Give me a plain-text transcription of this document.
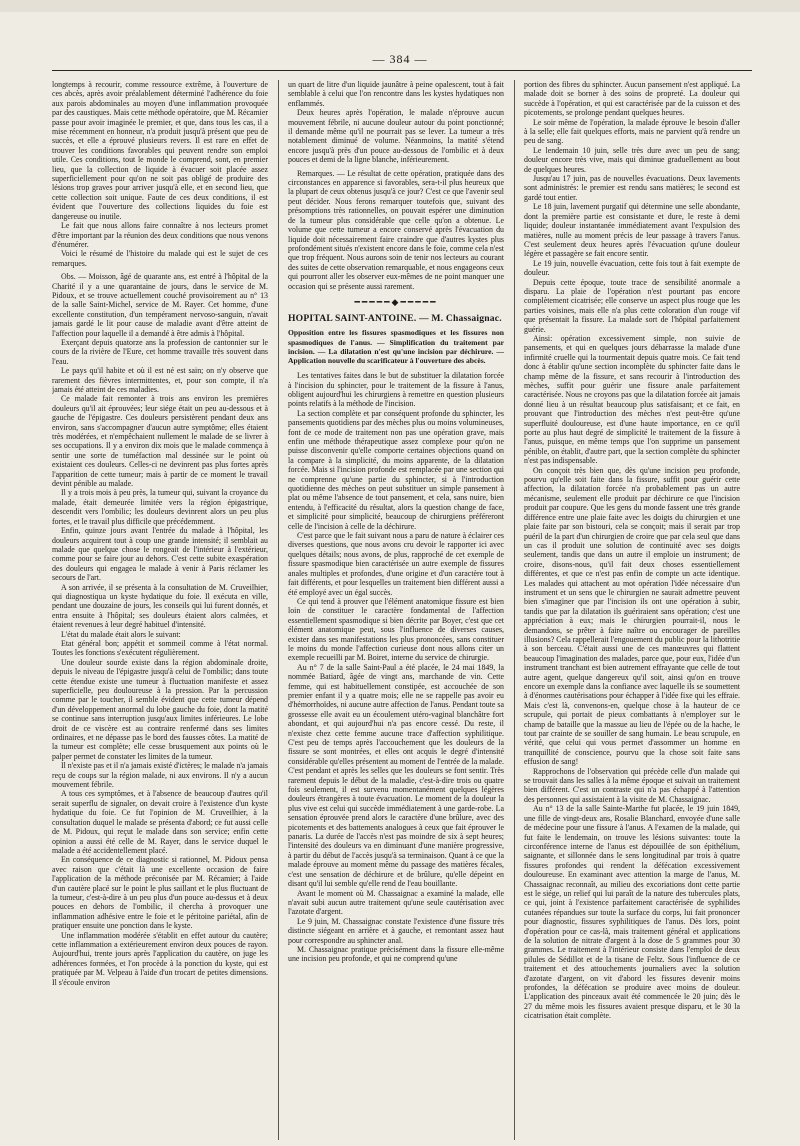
— 384 —

longtemps à recourir, comme ressource extrême, à l'ouverture de ces abcès, après avoir préalablement déterminé l'adhérence du foie aux parois abdominales au moyen d'une inflammation provoquée par des caustiques. Mais cette méthode opératoire, que M. Récamier passe pour avoir imaginée le premier, et que, dans tous les cas, il a mise récemment en honneur, n'a produit jusqu'à présent que peu de succès, et elle a éprouvé plusieurs revers. Il est rare en effet de trouver les conditions favorables qui peuvent rendre son emploi utile. Ces conditions, tout le monde le comprend, sont, en premier lieu, que la collection de liquide à évacuer soit placée assez superficiellement pour qu'on ne soit pas obligé de produire des lésions trop graves pour arriver jusqu'à elle, et en second lieu, que cette collection soit unique. Faute de ces deux conditions, il est évident que l'ouverture des collections liquides du foie est dangereuse ou inutile.

Le fait que nous allons faire connaître à nos lecteurs promet d'être important par la réunion des deux conditions que nous venons d'énumérer.

Voici le résumé de l'histoire du malade qui est le sujet de ces remarques.

Obs. — Moisson, âgé de quarante ans, est entré à l'hôpital de la Charité il y a une quarantaine de jours, dans le service de M. Pidoux, et se trouve actuellement couché provisoirement au n° 13 de la salle Saint-Michel, service de M. Rayer. Cet homme, d'une excellente constitution, d'un tempérament nervoso-sanguin, n'avait jamais gardé le lit pour cause de maladie avant d'être atteint de l'affection pour laquelle il a demandé à être admis à l'hôpital.

Exerçant depuis quatorze ans la profession de cantonnier sur le cours de la rivière de l'Eure, cet homme travaille très souvent dans l'eau.

Le pays qu'il habite et où il est né est sain; on n'y observe que rarement des fièvres intermittentes, et, pour son compte, il n'a jamais été atteint de ces maladies.

Ce malade fait remonter à trois ans environ les premières douleurs qu'il ait éprouvées; leur siége était un peu au-dessous et à gauche de l'épigastre. Ces douleurs persistèrent pendant deux ans environ, sans s'accompagner d'aucun autre symptôme; elles étaient très modérées, et n'empêchaient nullement le malade de se livrer à ses occupations. Il y a environ dix mois que le malade commença à sentir une sorte de tuméfaction mal dessinée sur le point où existaient ces douleurs. Celles-ci ne devinrent pas plus fortes après l'apparition de cette tumeur; mais à partir de ce moment le travail devint pénible au malade.

Il y a trois mois à peu près, la tumeur qui, suivant la croyance du malade, était demeurée limitée vers la région épigastrique, descendit vers l'ombilic; les douleurs devinrent alors un peu plus fortes, et le travail plus difficile que précédemment.

Enfin, quinze jours avant l'entrée du malade à l'hôpital, les douleurs acquirent tout à coup une grande intensité; il semblait au malade que quelque chose le rongeait de l'intérieur à l'extérieur, comme pour se faire jour au dehors. C'est cette subite exaspération des douleurs qui engagea le malade à venir à Paris réclamer les secours de l'art.

A son arrivée, il se présenta à la consultation de M. Cruveilhier, qui diagnostiqua un kyste hydatique du foie. Il exécuta en ville, pendant une douzaine de jours, les conseils qui lui furent donnés, et entra ensuite à l'hôpital; ses douleurs étaient alors calmées, et étaient revenues à leur degré habituel d'intensité.

L'état du malade était alors le suivant:

Etat général bon; appétit et sommeil comme à l'état normal. Toutes les fonctions s'exécutent régulièrement.

Une douleur sourde existe dans la région abdominale droite, depuis le niveau de l'épigastre jusqu'à celui de l'ombilic; dans toute cette étendue existe une tumeur à fluctuation manifeste et assez superficielle, peu douloureuse à la pression. Par la percussion comme par le toucher, il semble évident que cette tumeur dépend d'un développement anormal du lobe gauche du foie, dont la matité se continue sans interruption jusqu'aux limites inférieures. Le lobe droit de ce viscère est au contraire renfermé dans ses limites ordinaires, et ne dépasse pas le bord des fausses côtes. La matité de la tumeur est complète; elle cesse brusquement aux points où le palper permet de constater les limites de la tumeur.

Il n'existe pas et il n'a jamais existé d'ictères; le malade n'a jamais reçu de coups sur la région malade, ni aux environs. Il n'y a aucun mouvement fébrile.

A tous ces symptômes, et à l'absence de beaucoup d'autres qu'il serait superflu de signaler, on devait croire à l'existence d'un kyste hydatique du foie. Ce fut l'opinion de M. Cruveilhier, à la consultation duquel le malade se présenta d'abord; ce fut aussi celle de M. Pidoux, qui reçut le malade dans son service; enfin cette opinion a aussi été celle de M. Rayer, dans le service duquel le malade a été accidentellement placé.

En conséquence de ce diagnostic si rationnel, M. Pidoux pensa avec raison que c'était là une excellente occasion de faire l'application de la méthode préconisée par M. Récamier; à l'aide d'un cautère placé sur le point le plus saillant et le plus fluctuant de la tumeur, c'est-à-dire à un peu plus d'un pouce au-dessus et à deux pouces en dehors de l'ombilic, il chercha à provoquer une inflammation adhésive entre le foie et le péritoine pariétal, afin de pratiquer ensuite une ponction dans le kyste.

Une inflammation modérée s'établit en effet autour du cautère; cette inflammation a extérieurement environ deux pouces de rayon. Aujourd'hui, trente jours après l'application du cautère, on juge les adhérences formées, et l'on procède à la ponction du kyste, qui est pratiquée par M. Velpeau à l'aide d'un trocart de petites dimensions. Il s'écoule environ

un quart de litre d'un liquide jaunâtre à peine opalescent, tout à fait semblable à celui que l'on rencontre dans les kystes hydatiques non enflammés.

Deux heures après l'opération, le malade n'éprouve aucun mouvement fébrile, ni aucune douleur autour du point ponctionné; il demande même qu'il ne pourrait pas se lever. La tumeur a très notablement diminué de volume. Néanmoins, la matité s'étend encore jusqu'à près d'un pouce au-dessous de l'ombilic et à deux pouces et demi de la ligne blanche, inférieurement.

Remarques. — Le résultat de cette opération, pratiquée dans des circonstances en apparence si favorables, sera-t-il plus heureux que la plupart de ceux obtenus jusqu'à ce jour? C'est ce que l'avenir seul peut décider. Nous ferons remarquer toutefois que, suivant des présomptions très rationnelles, on pouvait espérer une diminution de la tumeur plus considérable que celle qu'on a obtenue. Le volume que cette tumeur a encore conservé après l'évacuation du liquide doit nécessairement faire craindre que d'autres kystes plus profondément situés n'existent encore dans le foie, comme cela n'est que trop fréquent. Nous aurons soin de tenir nos lecteurs au courant des suites de cette observation remarquable, et nous engageons ceux qui pourront aller les observer eux-mêmes de ne point manquer une occasion qui se présente aussi rarement.

━━━━━◆━━━━━
HOPITAL SAINT-ANTOINE. — M. Chassaignac.
Opposition entre les fissures spasmodiques et les fissures non spasmodiques de l'anus. — Simplification du traitement par incision. — La dilatation n'est qu'une incision par déchirure. — Application nouvelle du scarificateur à l'ouverture des abcès.

Les tentatives faites dans le but de substituer la dilatation forcée à l'incision du sphincter, pour le traitement de la fissure à l'anus, obligent aujourd'hui les chirurgiens à remettre en question plusieurs points relatifs à la méthode de l'incision.

La section complète et par conséquent profonde du sphincter, les pansements quotidiens par des mèches plus ou moins volumineuses, font de ce mode de traitement non pas une opération grave, mais enfin une méthode thérapeutique assez complexe pour qu'on ne puisse disconvenir qu'elle comporte certaines objections quand on la compare à la simplicité, du moins apparente, de la dilatation forcée. Mais si l'incision profonde est remplacée par une section qui ne comprenne qu'une partie du sphincter, si à l'introduction quotidienne des mèches on peut substituer un simple pansement à plat ou même l'absence de tout pansement, et cela, sans nuire, bien entendu, à l'efficacité du résultat, alors la question change de face, et simplicité pour simplicité, beaucoup de chirurgiens préféreront celle de l'incision à celle de la déchirure.

C'est parce que le fait suivant nous a paru de nature à éclairer ces diverses questions, que nous avons cru devoir le rapporter ici avec quelques détails; nous avons, de plus, rapproché de cet exemple de fissure spasmodique bien caractérisée un autre exemple de fissures anales multiples et profondes, d'une origine et d'un caractère tout à fait différents, et pour lesquelles un traitement bien différent aussi a été employé avec un égal succès.

Ce qui tend à prouver que l'élément anatomique fissure est bien loin de constituer le caractère fondamental de l'affection essentiellement spasmodique si bien décrite par Boyer, c'est que cet élément anatomique peut, sous l'influence de diverses causes, exister dans ses manifestations les plus prononcées, sans constituer le moins du monde l'affection curieuse dont nous allons citer un exemple recueilli par M. Boiret, interne du service de chirurgie.

Au n° 7 de la salle Saint-Paul a été placée, le 24 mai 1849, la nommée Batiard, âgée de vingt ans, marchande de vin. Cette femme, qui est habituellement constipée, est accouchée de son premier enfant il y a quatre mois; elle ne se rappelle pas avoir eu d'hémorrhoïdes, ni aucune autre affection de l'anus. Pendant toute sa grossesse elle avait eu un écoulement utéro-vaginal blanchâtre fort abondant, et qui aujourd'hui n'a pas encore cessé. Du reste, il n'existe chez cette femme aucune trace d'affection syphilitique. C'est peu de temps après l'accouchement que les douleurs de la fissure se sont montrées, et elles ont acquis le degré d'intensité considérable qu'elles présentent au moment de l'entrée de la malade. C'est pendant et après les selles que les douleurs se font sentir. Très rarement depuis le début de la maladie, c'est-à-dire trois ou quatre fois seulement, il est survenu momentanément quelques légères douleurs étrangères à toute évacuation. Le moment de la douleur la plus vive est celui qui succède immédiatement à une garde-robe. La sensation éprouvée prend alors le caractère d'une brûlure, avec des picotements et des battements analogues à ceux que fait éprouver le panaris. La durée de l'accès n'est pas moindre de six à sept heures; l'intensité des douleurs va en diminuant d'une manière progressive, à partir du début de l'accès jusqu'à sa terminaison. Quant à ce que la malade éprouve au moment même du passage des matières fécales, c'est une sensation de déchirure et de brûlure, qu'elle dépeint en disant qu'il lui semble qu'elle rend de l'eau bouillante.

Avant le moment où M. Chassaignac a examiné la malade, elle n'avait subi aucun autre traitement qu'une seule cautérisation avec l'azotate d'argent.

Le 9 juin, M. Chassaignac constate l'existence d'une fissure très distincte siégeant en arrière et à gauche, et remontant assez haut pour correspondre au sphincter anal.

M. Chassaignac pratique précisément dans la fissure elle-même une incision peu profonde, et qui ne comprend qu'une

portion des fibres du sphincter. Aucun pansement n'est appliqué. La malade doit se borner à des soins de propreté. La douleur qui succède à l'opération, et qui est caractérisée par de la cuisson et des picotements, se prolonge pendant quelques heures.

Le soir même de l'opération, la malade éprouve le besoin d'aller à la selle; elle fait quelques efforts, mais ne parvient qu'à rendre un peu de sang.

Le lendemain 10 juin, selle très dure avec un peu de sang; douleur encore très vive, mais qui diminue graduellement au bout de quelques heures.

Jusqu'au 17 juin, pas de nouvelles évacuations. Deux lavements sont administrés: le premier est rendu sans matières; le second est gardé tout entier.

Le 18 juin, lavement purgatif qui détermine une selle abondante, dont la première partie est consistante et dure, le reste à demi liquide; douleur instantanée immédiatement avant l'expulsion des matières, nulle au moment précis de leur passage à travers l'anus. C'est seulement deux heures après l'évacuation qu'une douleur légère et passagère se fait encore sentir.

Le 19 juin, nouvelle évacuation, cette fois tout à fait exempte de douleur.

Depuis cette époque, toute trace de sensibilité anormale a disparu. La plaie de l'opération n'est pourtant pas encore complètement cicatrisée; elle conserve un aspect plus rouge que les parties voisines, mais elle n'a plus cette coloration d'un rouge vif que présentait la fissure. La malade sort de l'hôpital parfaitement guérie.

Ainsi: opération excessivement simple, non suivie de pansements, et qui en quelques jours débarrasse la malade d'une infirmité cruelle qui la tourmentait depuis quatre mois. Ce fait tend donc à établir qu'une section incomplète du sphincter faite dans le champ même de la fissure, et sans recourir à l'introduction des mèches, suffit pour guérir une fissure anale parfaitement caractérisée. Nous ne croyons pas que la dilatation forcée ait jamais donné lieu à un résultat beaucoup plus satisfaisant; et ce fait, en prouvant que l'introduction des mèches n'est peut-être qu'une superfluité douloureuse, est d'une haute importance, en ce qu'il porte au plus haut degré de simplicité le traitement de la fissure à l'anus, puisque, en même temps que l'on supprime un pansement pénible, on établit, d'autre part, que la section complète du sphincter n'est pas indispensable.

On conçoit très bien que, dès qu'une incision peu profonde, pourvu qu'elle soit faite dans la fissure, suffit pour guérir cette affection, la dilatation forcée n'a probablement pas un autre mécanisme, seulement elle produit par déchirure ce que l'incision produit par coupure. Que les gens du monde fassent une très grande différence entre une plaie faite avec les doigts du chirurgien et une plaie faite par son bistouri, cela se conçoit; mais il serait par trop puéril de la part d'un chirurgien de croire que par cela seul que dans un cas il produit une solution de continuité avec ses doigts seulement, tandis que dans un autre il emploie un instrument; de croire, disons-nous, qu'il fait deux choses essentiellement différentes, et que ce n'est pas enfin de compte un acte identique. Les malades qui attachent au mot opération l'idée nécessaire d'un instrument et un sens que le chirurgien ne saurait admettre peuvent bien s'imaginer que par l'incision ils ont une opération à subir, tandis que par la dilatation ils guériraient sans opération; c'est une appréciation à eux; mais le chirurgien pourrait-il, nous le demandons, se prêter à faire naître ou encourager de pareilles illusions? Cela rappellerait l'engouement du public pour la lithotritie à son berceau. C'était aussi une de ces manœuvres qui flattent beaucoup l'imagination des malades, parce que, pour eux, l'idée d'un instrument tranchant est bien autrement effrayante que celle de tout autre agent, quelque dangereux qu'il soit, ainsi qu'on en trouve encore un exemple dans la confiance avec laquelle ils se soumettent à d'énormes cautérisations pour échapper à l'idée fixe qui les effraie. Mais c'est là, convenons-en, quelque chose à la hauteur de ce scrupule, qui portait de pieux combattants à n'employer sur le champ de bataille que la massue au lieu de l'épée ou de la hache, le tout par crainte de se souiller de sang humain. Le beau scrupule, en vérité, que celui qui vous permet d'assommer un homme en tranquillité de conscience, pourvu que la chose soit faite sans effusion de sang!

Rapprochons de l'observation qui précède celle d'un malade qui se trouvait dans les salles à la même époque et suivait un traitement bien différent. C'est un contraste qui n'a pas échappé à l'attention des personnes qui assistaient à la visite de M. Chassaignac.

Au n° 13 de la salle Sainte-Marthe fut placée, le 19 juin 1849, une fille de vingt-deux ans, Rosalie Blanchard, envoyée d'une salle de médecine pour une fissure à l'anus. A l'examen de la malade, qui fut faite le lendemain, on trouve les lésions suivantes: toute la circonférence interne de l'anus est dépouillée de son épithélium, saignante, et sillonnée dans le sens longitudinal par trois à quatre fissures profondes qui rendent la défécation excessivement douloureuse. En examinant avec attention la marge de l'anus, M. Chassaignac reconnaît, au milieu des excoriations dont cette partie est le siége, un relief qui lui paraît de la nature des tubercules plats, ce qui, joint à l'existence parfaitement caractérisée de syphilides cutanées répandues sur toute la surface du corps, lui fait prononcer pour diagnostic, fissures syphilitiques de l'anus. Dès lors, point d'opération pour ce cas-là, mais traitement général et applications de la solution de nitrate d'argent à la dose de 5 grammes pour 30 grammes. Le traitement à l'intérieur consiste dans l'emploi de deux pilules de Sédillot et de la tisane de Feltz. Sous l'influence de ce traitement et des attouchements journaliers avec la solution d'azotate d'argent, on vit d'abord les fissures devenir moins profondes, la défécation se produire avec moins de douleur. L'application des pinceaux avait été commencée le 20 juin; dès le 27 du même mois les fissures avaient presque disparu, et le 30 la cicatrisation était complète.
